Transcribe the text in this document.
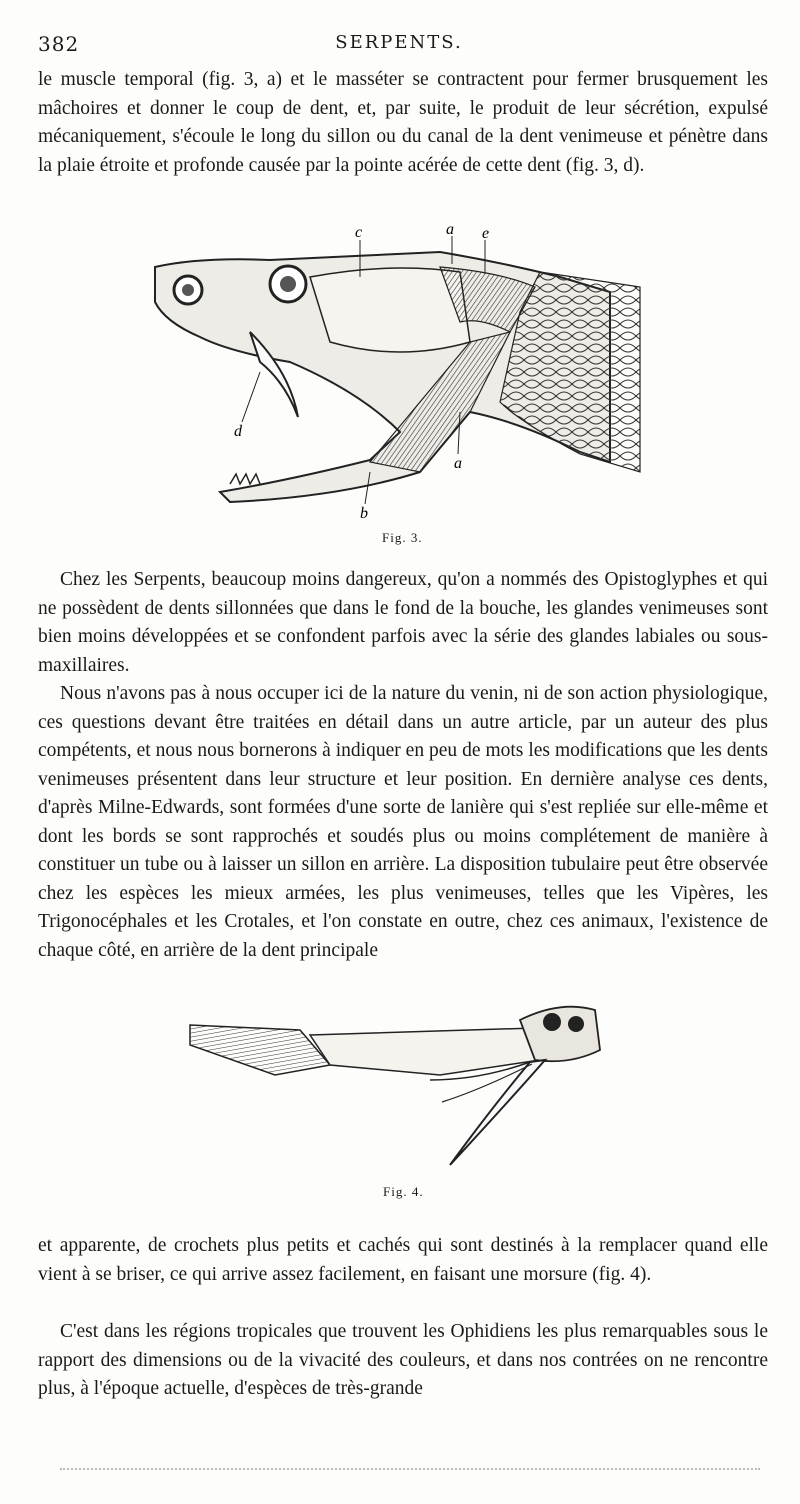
382	SERPENTS.

le muscle temporal (fig. 3, a) et le masséter se contractent pour fermer brusquement les mâchoires et donner le coup de dent, et, par suite, le produit de leur sécrétion, expulsé mécaniquement, s'écoule le long du sillon ou du canal de la dent venimeuse et pénètre dans la plaie étroite et profonde causée par la pointe acérée de cette dent (fig. 3, d).

c	a e
d
b
a
Fig. 3.

Chez les Serpents, beaucoup moins dangereux, qu'on a nommés des Opistoglyphes et qui ne possèdent de dents sillonnées que dans le fond de la bouche, les glandes venimeuses sont bien moins développées et se confondent parfois avec la série des glandes labiales ou sous-maxillaires.

Nous n'avons pas à nous occuper ici de la nature du venin, ni de son action physiologique, ces questions devant être traitées en détail dans un autre article, par un auteur des plus compétents, et nous nous bornerons à indiquer en peu de mots les modifications que les dents venimeuses présentent dans leur structure et leur position. En dernière analyse ces dents, d'après Milne-Edwards, sont formées d'une sorte de lanière qui s'est repliée sur elle-même et dont les bords se sont rapprochés et soudés plus ou moins complétement de manière à constituer un tube ou à laisser un sillon en arrière. La disposition tubulaire peut être observée chez les espèces les mieux armées, les plus venimeuses, telles que les Vipères, les Trigonocéphales et les Crotales, et l'on constate en outre, chez ces animaux, l'existence de chaque côté, en arrière de la dent principale

Fig. 4.

et apparente, de crochets plus petits et cachés qui sont destinés à la remplacer quand elle vient à se briser, ce qui arrive assez facilement, en faisant une morsure (fig. 4).

C'est dans les régions tropicales que trouvent les Ophidiens les plus remarquables sous le rapport des dimensions ou de la vivacité des couleurs, et dans nos contrées on ne rencontre plus, à l'époque actuelle, d'espèces de très-grande
